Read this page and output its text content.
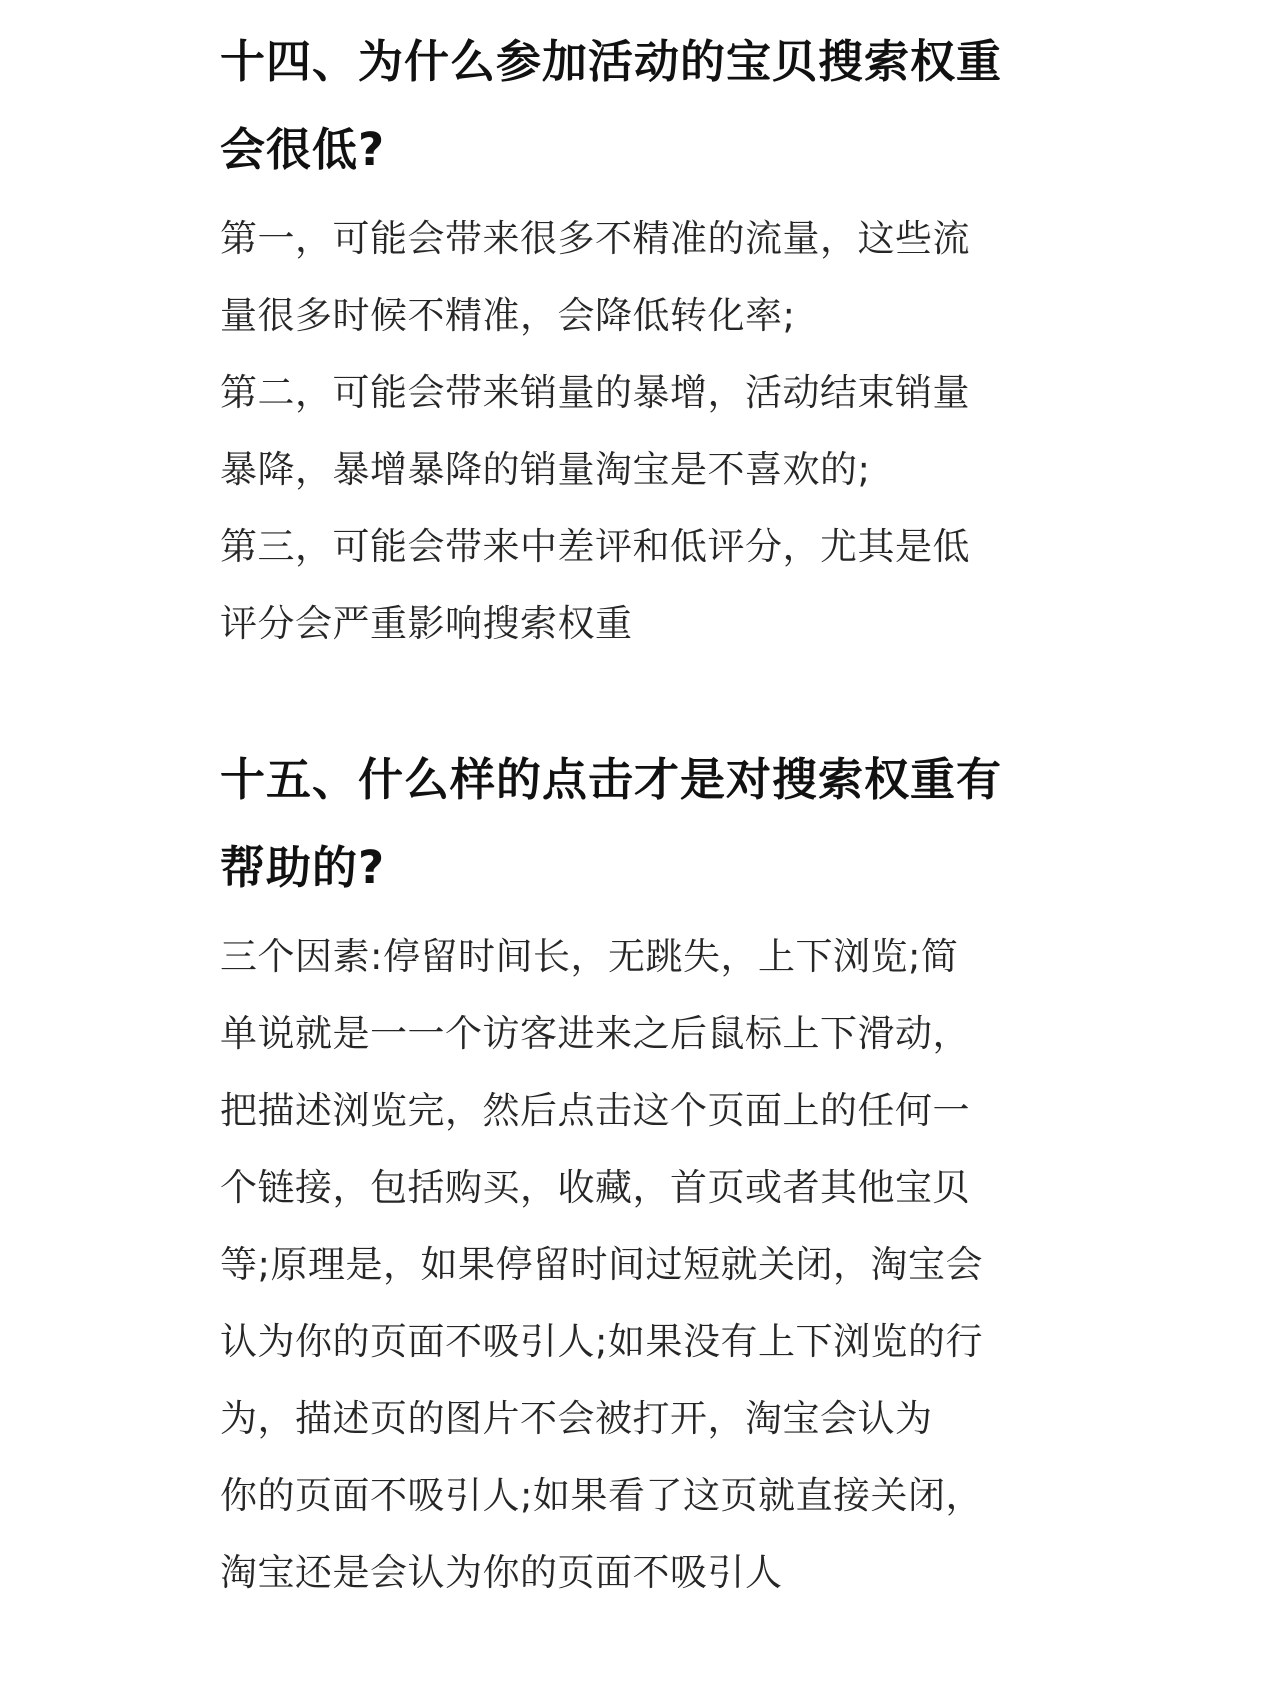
十四、为什么参加活动的宝贝搜索权重
会很低?

第一，可能会带来很多不精准的流量，这些流
量很多时候不精准，会降低转化率;
第二，可能会带来销量的暴增，活动结束销量
暴降，暴增暴降的销量淘宝是不喜欢的;
第三，可能会带来中差评和低评分，尤其是低
评分会严重影响搜索权重

十五、什么样的点击才是对搜索权重有
帮助的?

三个因素:停留时间长，无跳失，上下浏览;简
单说就是一一个访客进来之后鼠标上下滑动，
把描述浏览完，然后点击这个页面上的任何一
个链接，包括购买，收藏，首页或者其他宝贝
等;原理是，如果停留时间过短就关闭，淘宝会
认为你的页面不吸引人;如果没有上下浏览的行
为，描述页的图片不会被打开，淘宝会认为
你的页面不吸引人;如果看了这页就直接关闭，
淘宝还是会认为你的页面不吸引人
